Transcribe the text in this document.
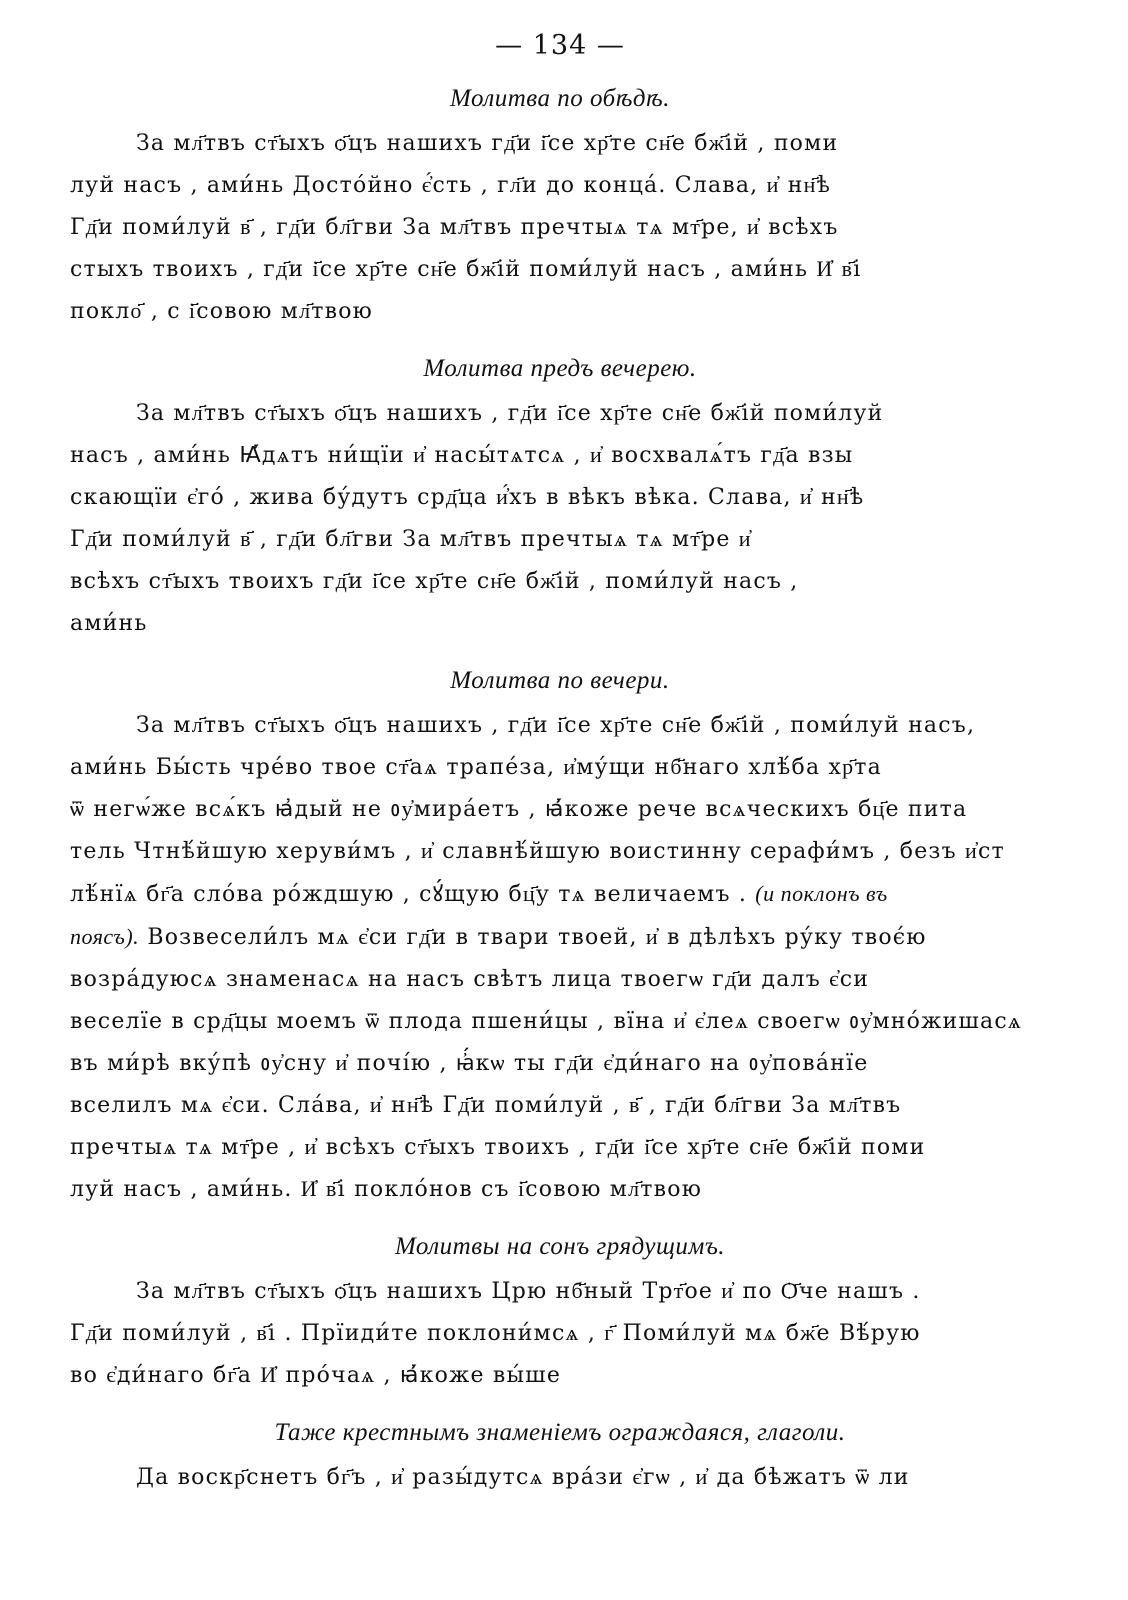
— 134 —
Молитва по обѣдѣ.
За мл҃твъ ст҃ыхъ ѻ҃цъ нашихъ гд҃и і҃се хр҃те сн҃е бж҃ій , поми
луй насъ , ами́нь Достóйно є҆́сть , гл҃и до конца́. Слава, и҆ нн҃ѣ
Гд҃и поми́луй в҃ , гд҃и бл҃гви За мл҃твъ пречтыѧ тѧ мт҃ре, и҆ всѣхъ
стыхъ твоихъ , гд҃и і҃се хр҃те сн҃е бж҃ій поми́луй насъ , ами́нь И҆ в҃і
покло҃ , с і҃совою мл҃твою
Молитва предъ вечерею.
За мл҃твъ ст҃ыхъ ѻ҃цъ нашихъ , гд҃и і҃се хр҃те сн҃е бж҃ій поми́луй
насъ , ами́нь Ꙗ҆́дѧтъ ни́щїи и҆ насы́тѧтсѧ , и҆ восхвалѧ́тъ гд҃а взы
скающїи є҆гó , жива бу́дутъ срд҃ца и҆́хъ в вѣкъ вѣка. Слава, и҆ нн҃ѣ
Гд҃и поми́луй в҃ , гд҃и бл҃гви За мл҃твъ пречтыѧ тѧ мт҃ре и҆
всѣхъ ст҃ыхъ твоихъ гд҃и і҃се хр҃те сн҃е бж҃ій , поми́луй насъ ,
ами́нь
Молитва по вечери.
За мл҃твъ ст҃ыхъ ѻ҃цъ нашихъ , гд҃и і҃се хр҃те сн҃е бж҃ій , поми́луй насъ,
ами́нь Бы́сть чре́во твое ст҃аѧ трапе́за, и҆му́щи нб҃наго хлѣ́ба хр҃та
ѿ негѡ́же всѧ́къ ꙗ҆дый не ᲂу҆мира́етъ , ꙗ҆́коже рече всѧческихъ бц҃е пита
тель Чтнѣ́йшую херуви́мъ , и҆ славнѣ́йшую воистинну серафи́мъ , безъ и҆ст
лѣ́нїѧ бг҃а сло́ва ро́ждшую , сꙋ́щую бц҃у тѧ величаемъ . (и поклонъ въ
поясъ). Возвесели́лъ мѧ є҆си гд҃и в твари твоей, и҆ в дѣлѣхъ ру́ку твоє́ю
возра́дуюсѧ знаменасѧ на насъ свѣтъ лица твоегѡ гд҃и далъ є҆си
веселїе в срд҃цы моемъ ѿ плода пшени́цы , вїна и҆ є҆леѧ своегѡ ᲂу҆мно́жишасѧ
въ ми́рѣ вку́пѣ ᲂу҆сну и҆ почі́ю , ꙗ҆́кѡ ты гд҃и є҆ди́наго на ᲂу҆пова́нїе
вселилъ мѧ є҆си. Сла́ва, и҆ нн҃ѣ Гд҃и поми́луй , в҃ , гд҃и бл҃гви За мл҃твъ
пречтыѧ тѧ мт҃ре , и҆ всѣхъ ст҃ыхъ твоихъ , гд҃и і҃се хр҃те сн҃е бж҃ій поми
луй насъ , ами́нь. И҆ в҃і покло́нов съ і҃совою мл҃твою
Молитвы на сонъ грядущимъ.
За мл҃твъ ст҃ыхъ ѻ҃цъ нашихъ Црю нб҃ный Трт҃ое и҆ по Ѻ҃че нашъ .
Гд҃и поми́луй , в҃і . Прїиди́те поклони́мсѧ , г҃ Поми́луй мѧ бж҃е Вѣ́рую
во є҆ди́наго бг҃а И҆ прóчаѧ , ꙗ҆́коже вы́ше
Таже крестнымъ знаменіемъ ограждаяся, глаголи.
Да воскр҃снетъ бг҃ъ , и҆ разы́дутсѧ вра́зи є҆гѡ , и҆ да бѣжатъ ѿ ли
